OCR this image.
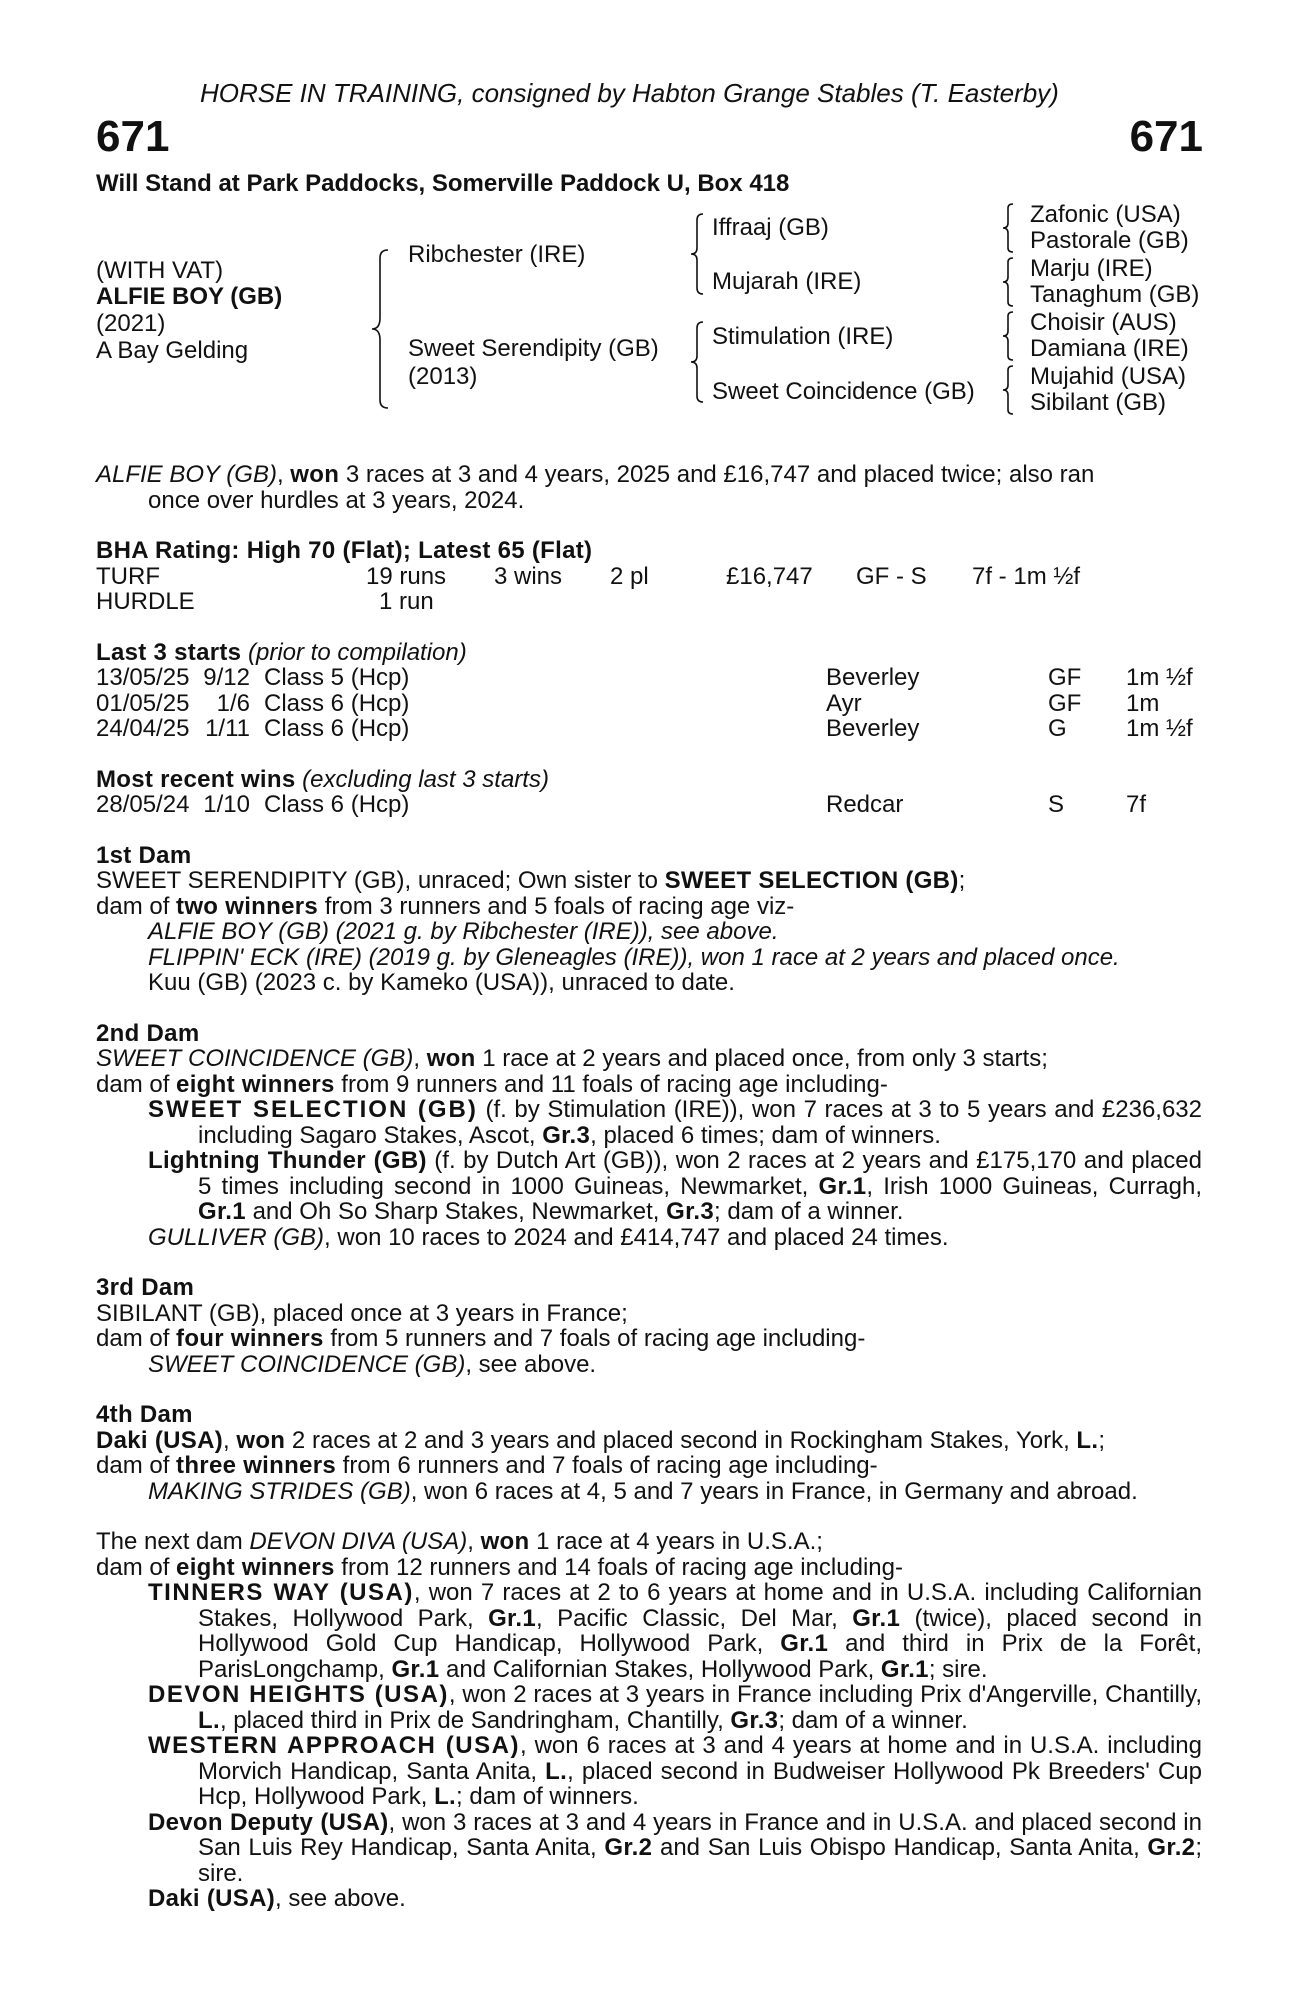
HORSE IN TRAINING, consigned by Habton Grange Stables (T. Easterby)
671	671
Will Stand at Park Paddocks, Somerville Paddock U, Box 418
(WITH VAT)
ALFIE BOY (GB)
(2021)
A Bay Gelding
Ribchester (IRE)
Sweet Serendipity (GB)
(2013)
Iffraaj (GB)
Mujarah (IRE)
Stimulation (IRE)
Sweet Coincidence (GB)
Zafonic (USA)
Pastorale (GB)
Marju (IRE)
Tanaghum (GB)
Choisir (AUS)
Damiana (IRE)
Mujahid (USA)
Sibilant (GB)

ALFIE BOY (GB), won 3 races at 3 and 4 years, 2025 and £16,747 and placed twice; also ran
once over hurdles at 3 years, 2024.

BHA Rating: High 70 (Flat); Latest 65 (Flat)

TURF	19 runs	3 wins	2 pl	£16,747	GF - S	7f - 1m ½f
HURDLE	1 run

Last 3 starts (prior to compilation)

13/05/25 9/12 Class 5 (Hcp)	Beverley	GF	1m ½f
01/05/25	1/6 Class 6 (Hcp)	Ayr	GF	1m
24/04/25 1/11 Class 6 (Hcp)	Beverley	G	1m ½f

Most recent wins (excluding last 3 starts)

28/05/24 1/10 Class 6 (Hcp)	Redcar	S	7f

1st Dam

SWEET SERENDIPITY (GB), unraced; Own sister to SWEET SELECTION (GB);

dam of two winners from 3 runners and 5 foals of racing age viz-

ALFIE BOY (GB) (2021 g. by Ribchester (IRE)), see above.

FLIPPIN' ECK (IRE) (2019 g. by Gleneagles (IRE)), won 1 race at 2 years and placed once.

Kuu (GB) (2023 c. by Kameko (USA)), unraced to date.

2nd Dam

SWEET COINCIDENCE (GB), won 1 race at 2 years and placed once, from only 3 starts;

dam of eight winners from 9 runners and 11 foals of racing age including-

SWEET SELECTION (GB) (f. by Stimulation (IRE)), won 7 races at 3 to 5 years and £236,632 including Sagaro Stakes, Ascot, Gr.3, placed 6 times; dam of winners.

Lightning Thunder (GB) (f. by Dutch Art (GB)), won 2 races at 2 years and £175,170 and placed 5 times including second in 1000 Guineas, Newmarket, Gr.1, Irish 1000 Guineas, Curragh, Gr.1 and Oh So Sharp Stakes, Newmarket, Gr.3; dam of a winner.

GULLIVER (GB), won 10 races to 2024 and £414,747 and placed 24 times.

3rd Dam

SIBILANT (GB), placed once at 3 years in France;

dam of four winners from 5 runners and 7 foals of racing age including-

SWEET COINCIDENCE (GB), see above.

4th Dam

Daki (USA), won 2 races at 2 and 3 years and placed second in Rockingham Stakes, York, L.;

dam of three winners from 6 runners and 7 foals of racing age including-

MAKING STRIDES (GB), won 6 races at 4, 5 and 7 years in France, in Germany and abroad.

The next dam DEVON DIVA (USA), won 1 race at 4 years in U.S.A.;

dam of eight winners from 12 runners and 14 foals of racing age including-

TINNERS WAY (USA), won 7 races at 2 to 6 years at home and in U.S.A. including Californian Stakes, Hollywood Park, Gr.1, Pacific Classic, Del Mar, Gr.1 (twice), placed second in Hollywood Gold Cup Handicap, Hollywood Park, Gr.1 and third in Prix de la Forêt, ParisLongchamp, Gr.1 and Californian Stakes, Hollywood Park, Gr.1; sire.

DEVON HEIGHTS (USA), won 2 races at 3 years in France including Prix d'Angerville, Chantilly, L., placed third in Prix de Sandringham, Chantilly, Gr.3; dam of a winner.

WESTERN APPROACH (USA), won 6 races at 3 and 4 years at home and in U.S.A. including Morvich Handicap, Santa Anita, L., placed second in Budweiser Hollywood Pk Breeders' Cup Hcp, Hollywood Park, L.; dam of winners.

Devon Deputy (USA), won 3 races at 3 and 4 years in France and in U.S.A. and placed second in San Luis Rey Handicap, Santa Anita, Gr.2 and San Luis Obispo Handicap, Santa Anita, Gr.2; sire.

Daki (USA), see above.
